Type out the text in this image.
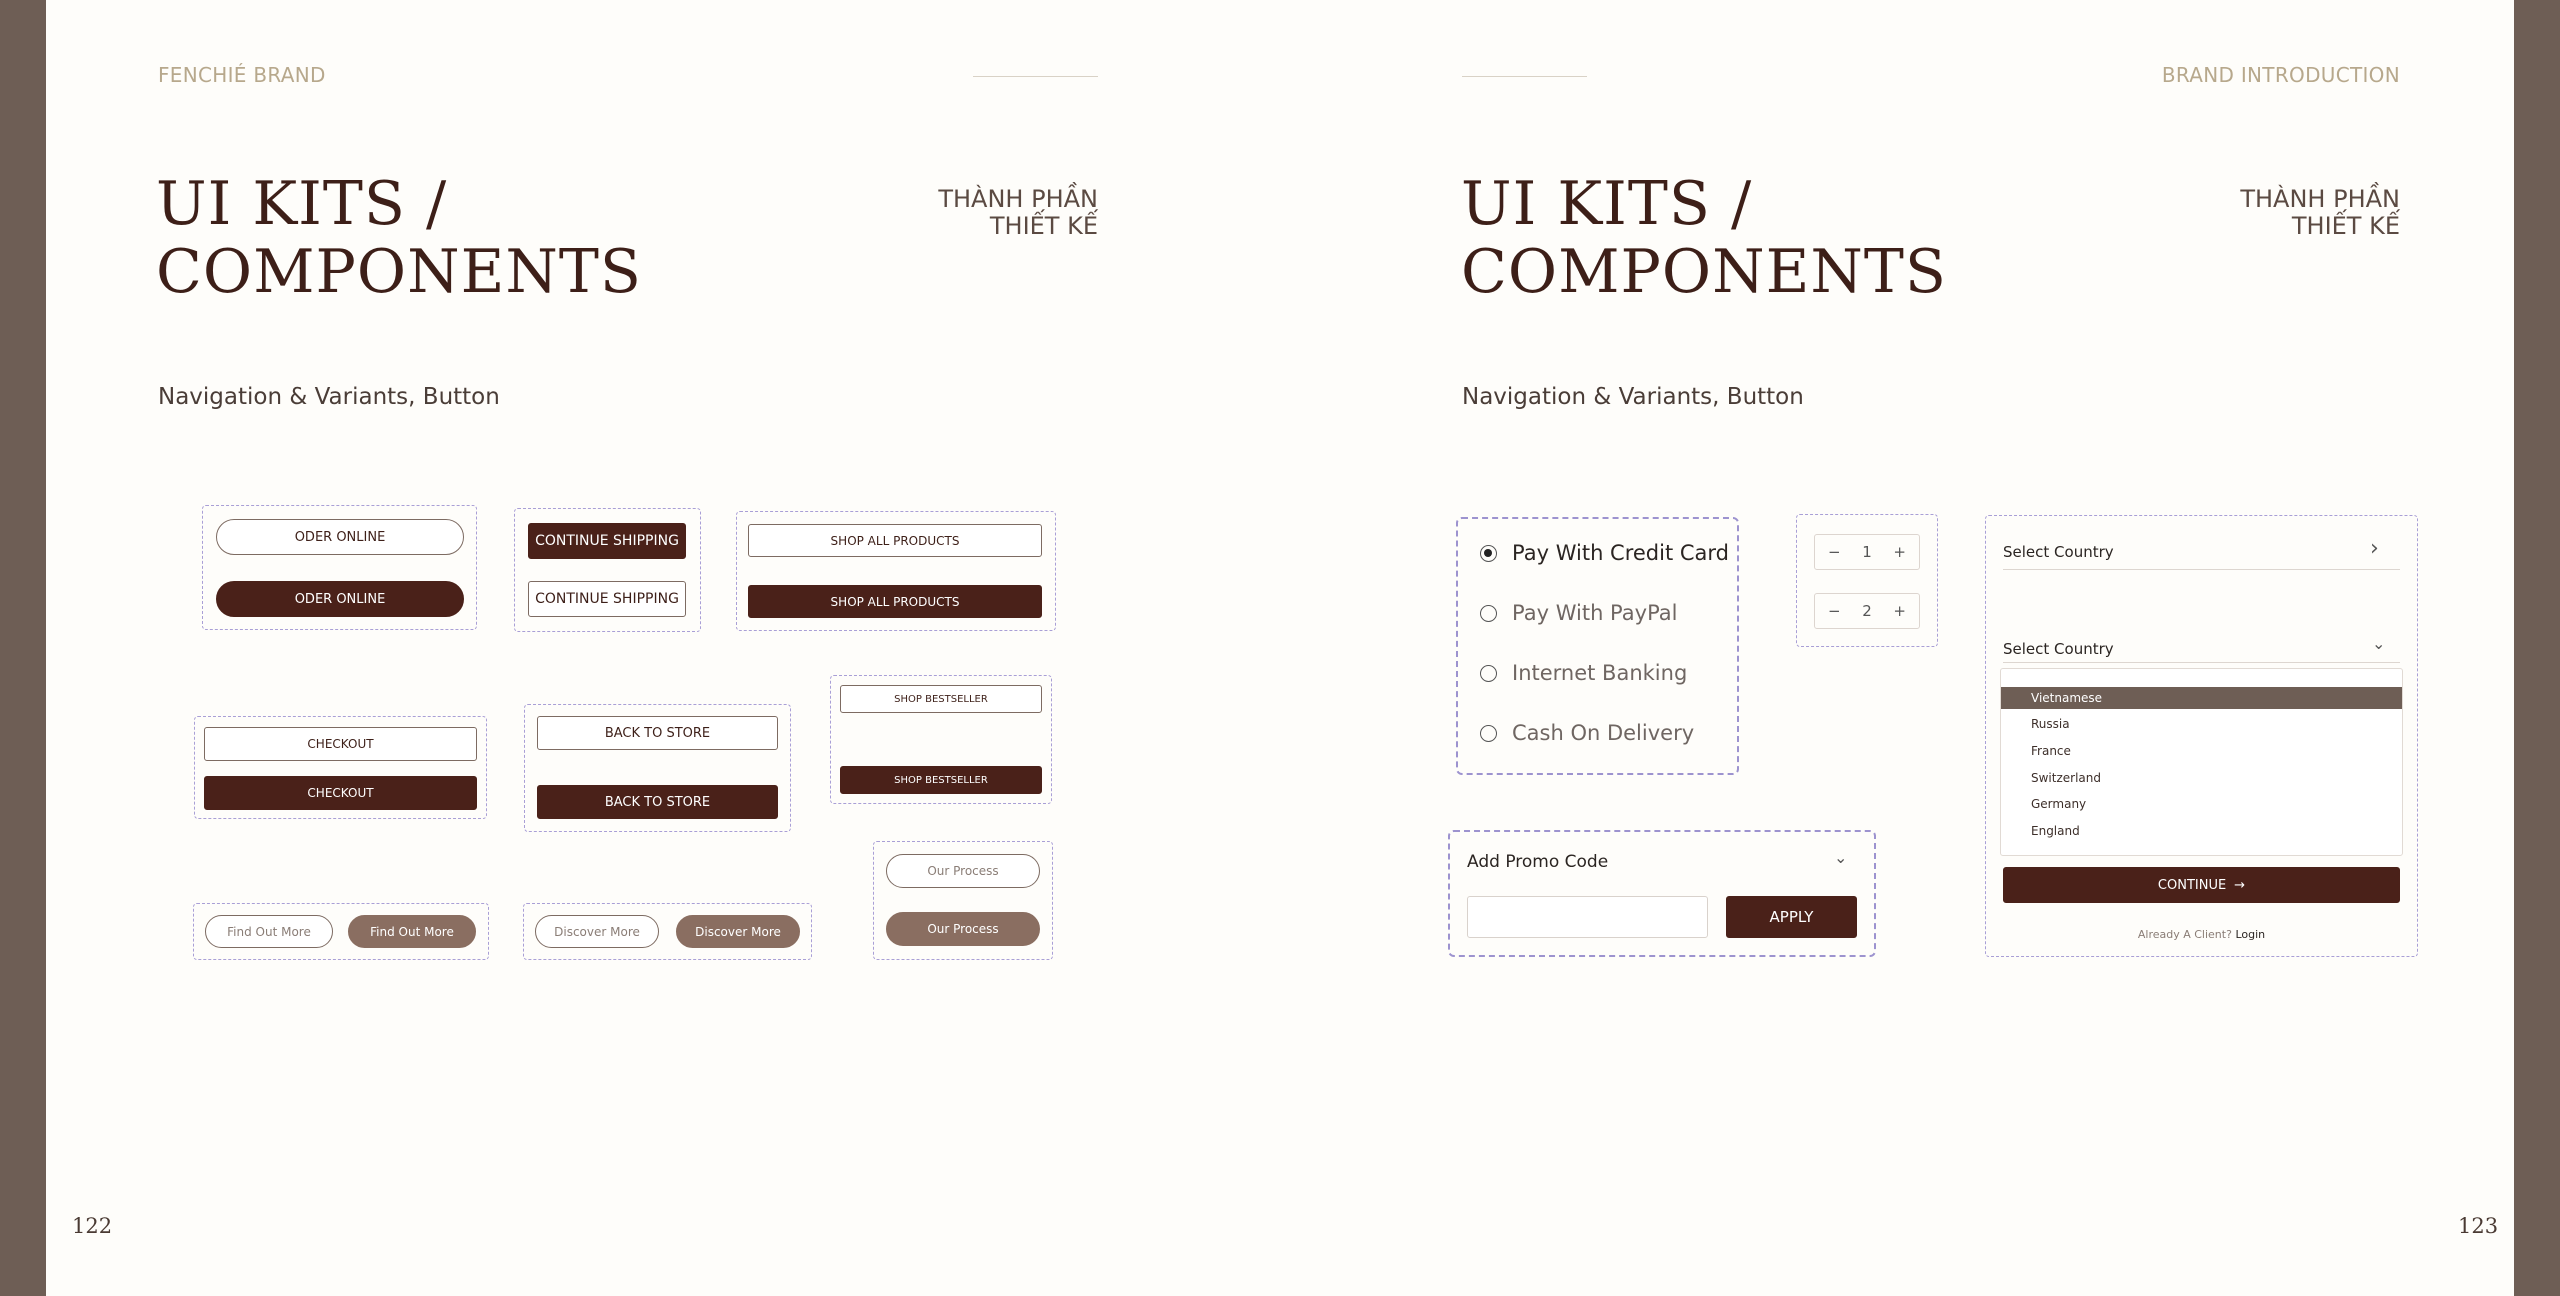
FENCHIÉ BRAND
UI KITS /
COMPONENTS
THÀNH PHẦN
THIẾT KẾ
Navigation & Variants, Button
ODER ONLINE
ODER ONLINE
CONTINUE SHIPPING
CONTINUE SHIPPING
SHOP ALL PRODUCTS
SHOP ALL PRODUCTS
CHECKOUT
CHECKOUT
BACK TO STORE
BACK TO STORE
SHOP BESTSELLER
SHOP BESTSELLER
Find Out More	Find Out More	Discover More	Discover More
Our Process
Our Process
122
BRAND INTRODUCTION
UI KITS /
COMPONENTS
THÀNH PHẦN
THIẾT KẾ
Navigation & Variants, Button
Pay With Credit Card
Pay With PayPal
Internet Banking
Cash On Delivery
− 1 +
− 2 +
Add Promo Code	⌄
APPLY
Select Country	›
Select Country	⌄
Vietnamese
Russia
France
Switzerland
Germany
England
CONTINUE →
Already A Client? Login
123
